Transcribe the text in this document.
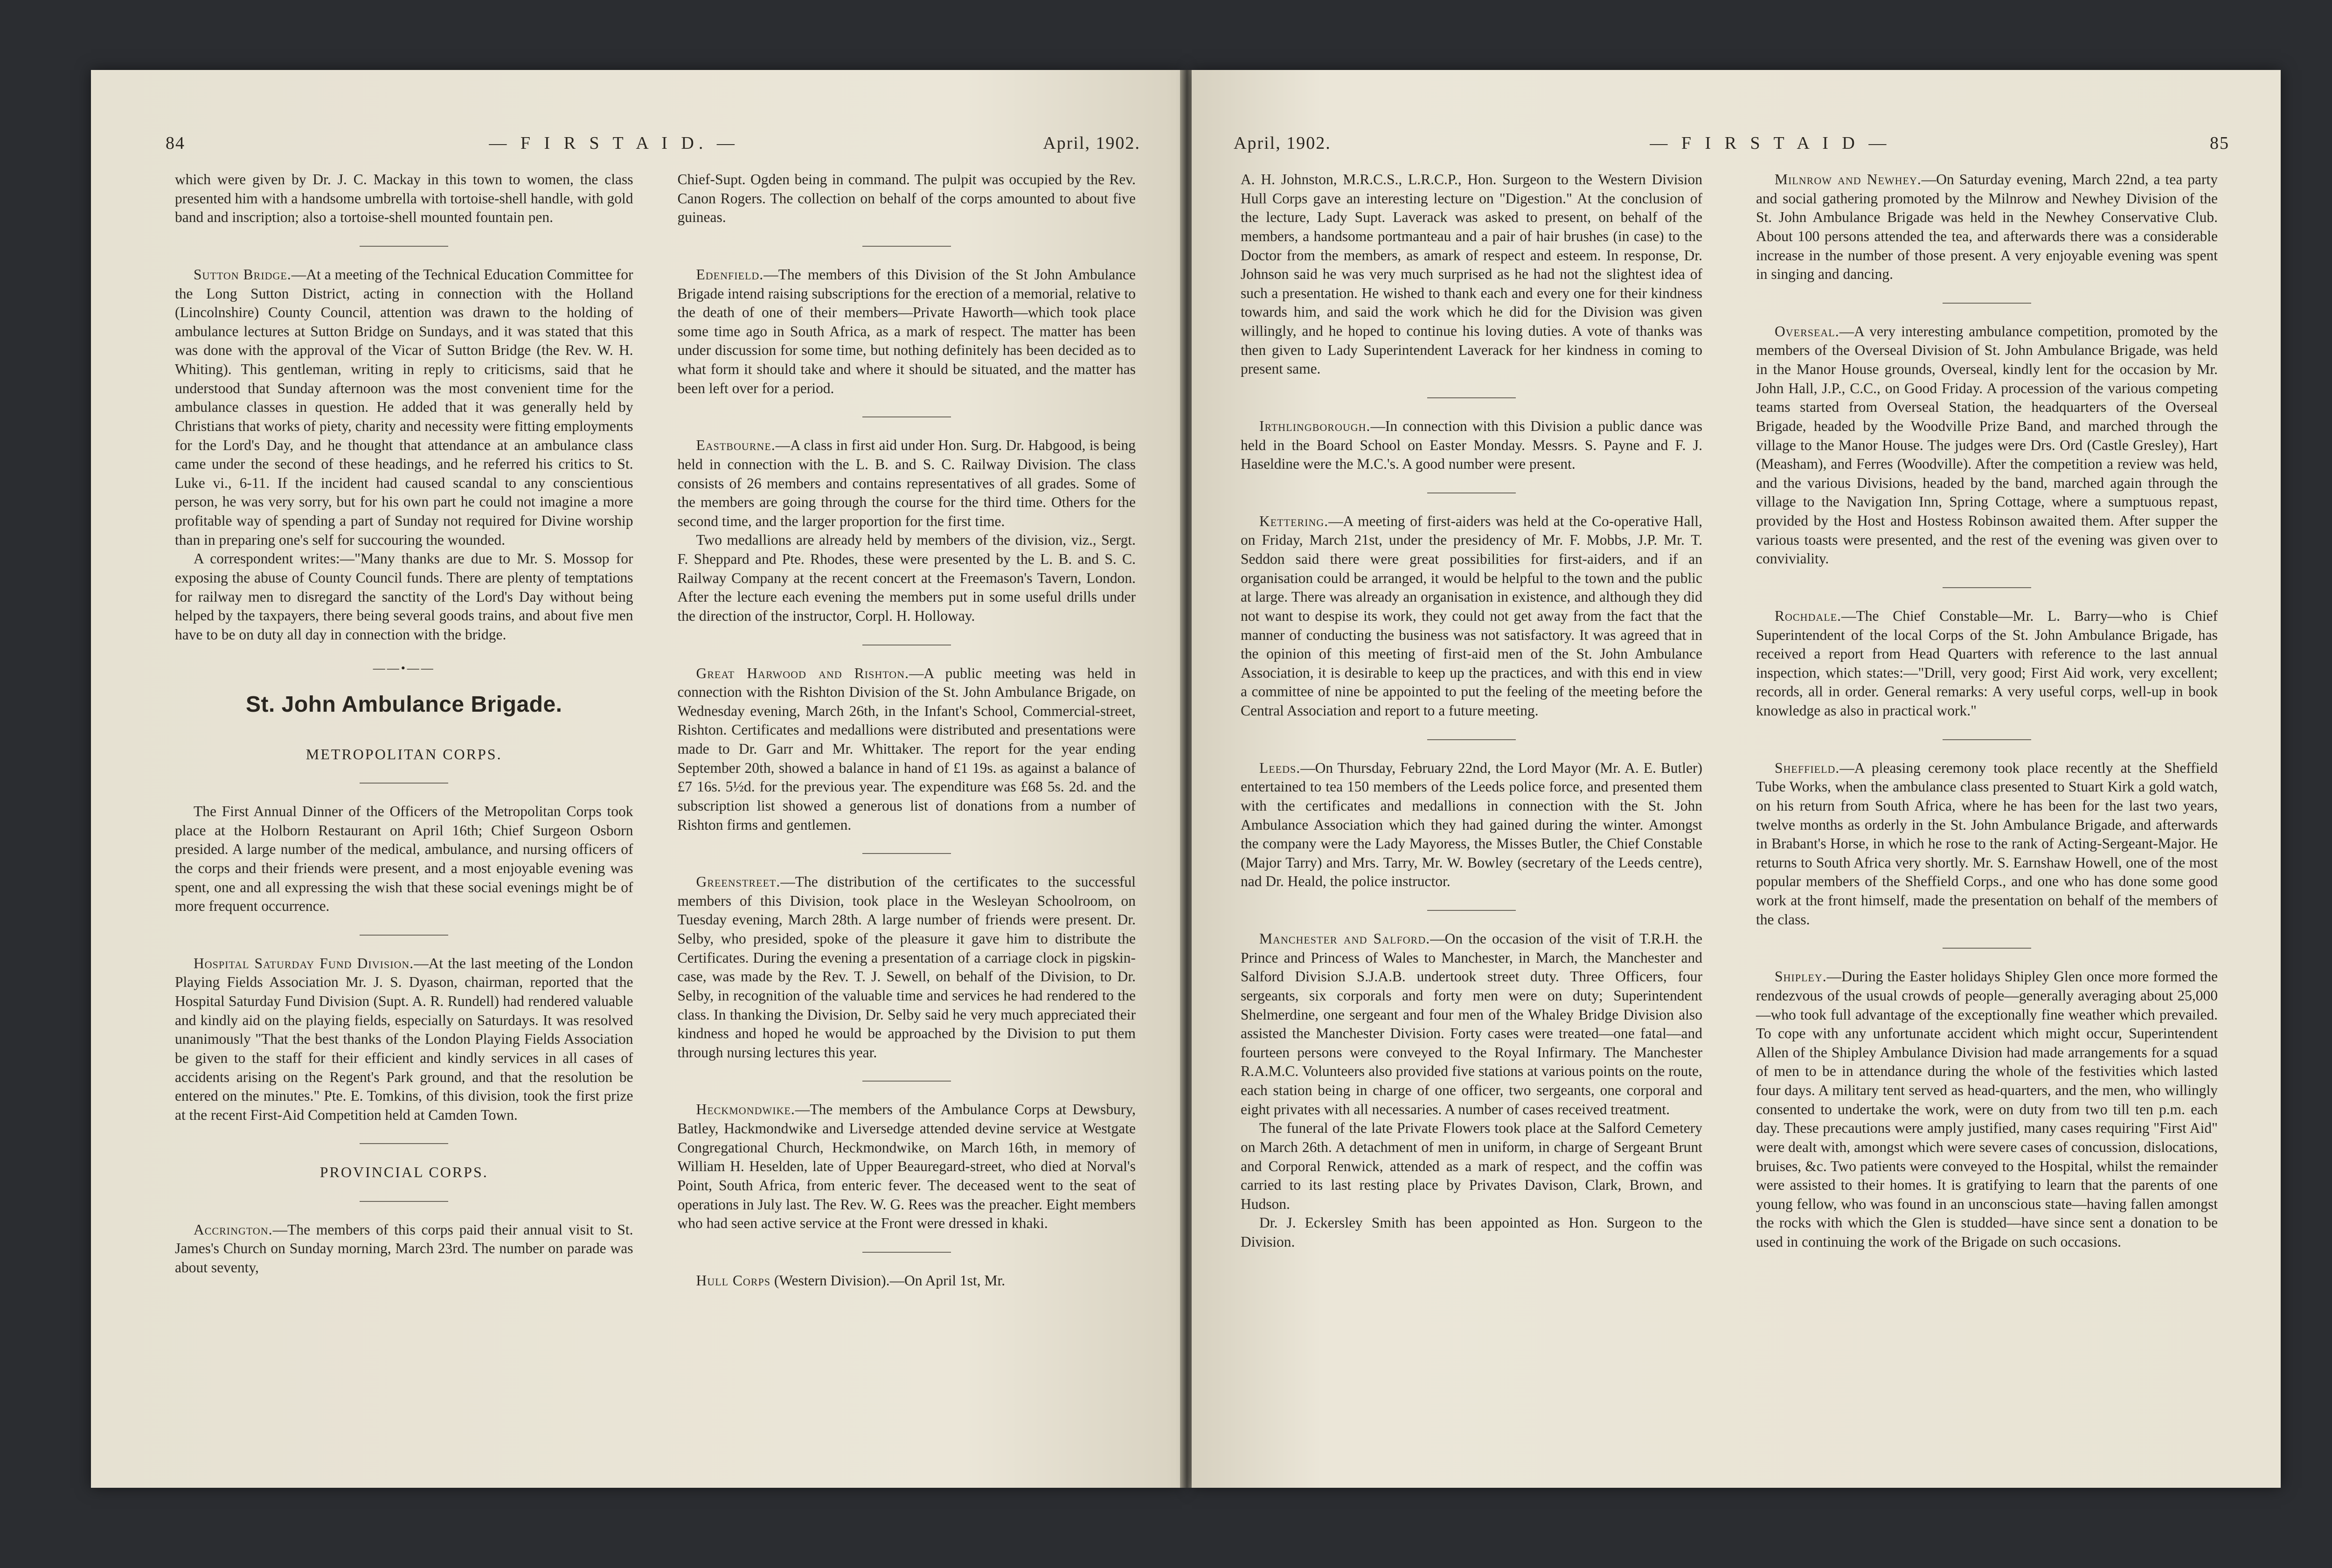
84	— F I R S T A I D. —	April, 1902.

which were given by Dr. J. C. Mackay in this town to women, the class presented him with a handsome umbrella with tortoise-shell handle, with gold band and inscription; also a tortoise-shell mounted fountain pen.

Sutton Bridge.—At a meeting of the Technical Education Committee for the Long Sutton District, acting in connection with the Holland (Lincolnshire) County Council, attention was drawn to the holding of ambulance lectures at Sutton Bridge on Sundays, and it was stated that this was done with the approval of the Vicar of Sutton Bridge (the Rev. W. H. Whiting). This gentleman, writing in reply to criticisms, said that he understood that Sunday afternoon was the most convenient time for the ambulance classes in question. He added that it was generally held by Christians that works of piety, charity and necessity were fitting employments for the Lord's Day, and he thought that attendance at an ambulance class came under the second of these headings, and he referred his critics to St. Luke vi., 6-11. If the incident had caused scandal to any conscientious person, he was very sorry, but for his own part he could not imagine a more profitable way of spending a part of Sunday not required for Divine worship than in preparing one's self for succouring the wounded.

A correspondent writes:—"Many thanks are due to Mr. S. Mossop for exposing the abuse of County Council funds. There are plenty of temptations for railway men to disregard the sanctity of the Lord's Day without being helped by the taxpayers, there being several goods trains, and about five men have to be on duty all day in connection with the bridge.

——•——
St. John Ambulance Brigade.
METROPOLITAN CORPS.

The First Annual Dinner of the Officers of the Metropolitan Corps took place at the Holborn Restaurant on April 16th; Chief Surgeon Osborn presided. A large number of the medical, ambulance, and nursing officers of the corps and their friends were present, and a most enjoyable evening was spent, one and all expressing the wish that these social evenings might be of more frequent occurrence.

Hospital Saturday Fund Division.—At the last meeting of the London Playing Fields Association Mr. J. S. Dyason, chairman, reported that the Hospital Saturday Fund Division (Supt. A. R. Rundell) had rendered valuable and kindly aid on the playing fields, especially on Saturdays. It was resolved unanimously "That the best thanks of the London Playing Fields Association be given to the staff for their efficient and kindly services in all cases of accidents arising on the Regent's Park ground, and that the resolution be entered on the minutes." Pte. E. Tomkins, of this division, took the first prize at the recent First-Aid Competition held at Camden Town.

PROVINCIAL CORPS.

Accrington.—The members of this corps paid their annual visit to St. James's Church on Sunday morning, March 23rd. The number on parade was about seventy,

Chief-Supt. Ogden being in command. The pulpit was occupied by the Rev. Canon Rogers. The collection on behalf of the corps amounted to about five guineas.

Edenfield.—The members of this Division of the St John Ambulance Brigade intend raising subscriptions for the erection of a memorial, relative to the death of one of their members—Private Haworth—which took place some time ago in South Africa, as a mark of respect. The matter has been under discussion for some time, but nothing definitely has been decided as to what form it should take and where it should be situated, and the matter has been left over for a period.

Eastbourne.—A class in first aid under Hon. Surg. Dr. Habgood, is being held in connection with the L. B. and S. C. Railway Division. The class consists of 26 members and contains representatives of all grades. Some of the members are going through the course for the third time. Others for the second time, and the larger proportion for the first time.

Two medallions are already held by members of the division, viz., Sergt. F. Sheppard and Pte. Rhodes, these were presented by the L. B. and S. C. Railway Company at the recent concert at the Freemason's Tavern, London. After the lecture each evening the members put in some useful drills under the direction of the instructor, Corpl. H. Holloway.

Great Harwood and Rishton.—A public meeting was held in connection with the Rishton Division of the St. John Ambulance Brigade, on Wednesday evening, March 26th, in the Infant's School, Commercial-street, Rishton. Certificates and medallions were distributed and presentations were made to Dr. Garr and Mr. Whittaker. The report for the year ending September 20th, showed a balance in hand of £1 19s. as against a balance of £7 16s. 5½d. for the previous year. The expenditure was £68 5s. 2d. and the subscription list showed a generous list of donations from a number of Rishton firms and gentlemen.

Greenstreet.—The distribution of the certificates to the successful members of this Division, took place in the Wesleyan Schoolroom, on Tuesday evening, March 28th. A large number of friends were present. Dr. Selby, who presided, spoke of the pleasure it gave him to distribute the Certificates. During the evening a presentation of a carriage clock in pigskin-case, was made by the Rev. T. J. Sewell, on behalf of the Division, to Dr. Selby, in recognition of the valuable time and services he had rendered to the class. In thanking the Division, Dr. Selby said he very much appreciated their kindness and hoped he would be approached by the Division to put them through nursing lectures this year.

Heckmondwike.—The members of the Ambulance Corps at Dewsbury, Batley, Hackmondwike and Liversedge attended devine service at Westgate Congregational Church, Heckmondwike, on March 16th, in memory of William H. Heselden, late of Upper Beauregard-street, who died at Norval's Point, South Africa, from enteric fever. The deceased went to the seat of operations in July last. The Rev. W. G. Rees was the preacher. Eight members who had seen active service at the Front were dressed in khaki.

Hull Corps (Western Division).—On April 1st, Mr.

April, 1902.	— F I R S T A I D —	85

A. H. Johnston, M.R.C.S., L.R.C.P., Hon. Surgeon to the Western Division Hull Corps gave an interesting lecture on "Digestion." At the conclusion of the lecture, Lady Supt. Laverack was asked to present, on behalf of the members, a handsome portmanteau and a pair of hair brushes (in case) to the Doctor from the members, as amark of respect and esteem. In response, Dr. Johnson said he was very much surprised as he had not the slightest idea of such a presentation. He wished to thank each and every one for their kindness towards him, and said the work which he did for the Division was given willingly, and he hoped to continue his loving duties. A vote of thanks was then given to Lady Superintendent Laverack for her kindness in coming to present same.

Irthlingborough.—In connection with this Division a public dance was held in the Board School on Easter Monday. Messrs. S. Payne and F. J. Haseldine were the M.C.'s. A good number were present.

Kettering.—A meeting of first-aiders was held at the Co-operative Hall, on Friday, March 21st, under the presidency of Mr. F. Mobbs, J.P. Mr. T. Seddon said there were great possibilities for first-aiders, and if an organisation could be arranged, it would be helpful to the town and the public at large. There was already an organisation in existence, and although they did not want to despise its work, they could not get away from the fact that the manner of conducting the business was not satisfactory. It was agreed that in the opinion of this meeting of first-aid men of the St. John Ambulance Association, it is desirable to keep up the practices, and with this end in view a committee of nine be appointed to put the feeling of the meeting before the Central Association and report to a future meeting.

Leeds.—On Thursday, February 22nd, the Lord Mayor (Mr. A. E. Butler) entertained to tea 150 members of the Leeds police force, and presented them with the certificates and medallions in connection with the St. John Ambulance Association which they had gained during the winter. Amongst the company were the Lady Mayoress, the Misses Butler, the Chief Constable (Major Tarry) and Mrs. Tarry, Mr. W. Bowley (secretary of the Leeds centre), nad Dr. Heald, the police instructor.

Manchester and Salford.—On the occasion of the visit of T.R.H. the Prince and Princess of Wales to Manchester, in March, the Manchester and Salford Division S.J.A.B. undertook street duty. Three Officers, four sergeants, six corporals and forty men were on duty; Superintendent Shelmerdine, one sergeant and four men of the Whaley Bridge Division also assisted the Manchester Division. Forty cases were treated—one fatal—and fourteen persons were conveyed to the Royal Infirmary. The Manchester R.A.M.C. Volunteers also provided five stations at various points on the route, each station being in charge of one officer, two sergeants, one corporal and eight privates with all necessaries. A number of cases received treatment.

The funeral of the late Private Flowers took place at the Salford Cemetery on March 26th. A detachment of men in uniform, in charge of Sergeant Brunt and Corporal Renwick, attended as a mark of respect, and the coffin was carried to its last resting place by Privates Davison, Clark, Brown, and Hudson.

Dr. J. Eckersley Smith has been appointed as Hon. Surgeon to the Division.

Milnrow and Newhey.—On Saturday evening, March 22nd, a tea party and social gathering promoted by the Milnrow and Newhey Division of the St. John Ambulance Brigade was held in the Newhey Conservative Club. About 100 persons attended the tea, and afterwards there was a considerable increase in the number of those present. A very enjoyable evening was spent in singing and dancing.

Overseal.—A very interesting ambulance competition, promoted by the members of the Overseal Division of St. John Ambulance Brigade, was held in the Manor House grounds, Overseal, kindly lent for the occasion by Mr. John Hall, J.P., C.C., on Good Friday. A procession of the various competing teams started from Overseal Station, the headquarters of the Overseal Brigade, headed by the Woodville Prize Band, and marched through the village to the Manor House. The judges were Drs. Ord (Castle Gresley), Hart (Measham), and Ferres (Woodville). After the competition a review was held, and the various Divisions, headed by the band, marched again through the village to the Navigation Inn, Spring Cottage, where a sumptuous repast, provided by the Host and Hostess Robinson awaited them. After supper the various toasts were presented, and the rest of the evening was given over to conviviality.

Rochdale.—The Chief Constable—Mr. L. Barry—who is Chief Superintendent of the local Corps of the St. John Ambulance Brigade, has received a report from Head Quarters with reference to the last annual inspection, which states:—"Drill, very good; First Aid work, very excellent; records, all in order. General remarks: A very useful corps, well-up in book knowledge as also in practical work."

Sheffield.—A pleasing ceremony took place recently at the Sheffield Tube Works, when the ambulance class presented to Stuart Kirk a gold watch, on his return from South Africa, where he has been for the last two years, twelve months as orderly in the St. John Ambulance Brigade, and afterwards in Brabant's Horse, in which he rose to the rank of Acting-Sergeant-Major. He returns to South Africa very shortly. Mr. S. Earnshaw Howell, one of the most popular members of the Sheffield Corps., and one who has done some good work at the front himself, made the presentation on behalf of the members of the class.

Shipley.—During the Easter holidays Shipley Glen once more formed the rendezvous of the usual crowds of people—generally averaging about 25,000—who took full advantage of the exceptionally fine weather which prevailed. To cope with any unfortunate accident which might occur, Superintendent Allen of the Shipley Ambulance Division had made arrangements for a squad of men to be in attendance during the whole of the festivities which lasted four days. A military tent served as head-quarters, and the men, who willingly consented to undertake the work, were on duty from two till ten p.m. each day. These precautions were amply justified, many cases requiring "First Aid" were dealt with, amongst which were severe cases of concussion, dislocations, bruises, &c. Two patients were conveyed to the Hospital, whilst the remainder were assisted to their homes. It is gratifying to learn that the parents of one young fellow, who was found in an unconscious state—having fallen amongst the rocks with which the Glen is studded—have since sent a donation to be used in continuing the work of the Brigade on such occasions.
